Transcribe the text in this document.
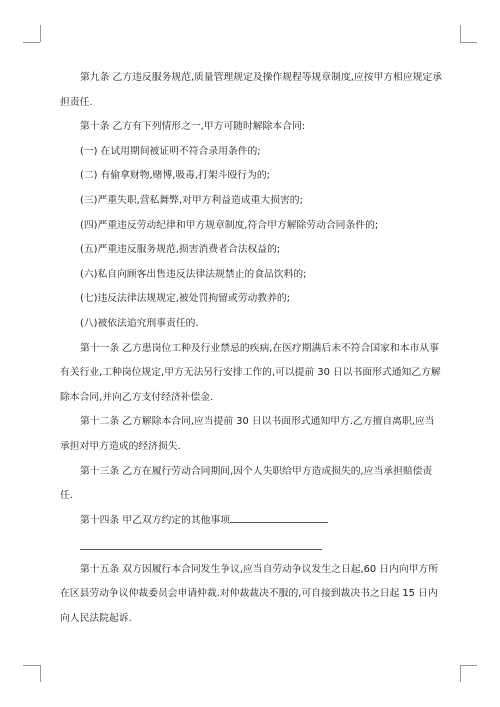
第九条 乙方违反服务规范,质量管理规定及操作规程等规章制度,应按甲方相应规定承担责任.

第十条 乙方有下列情形之一,甲方可随时解除本合同:

(一) 在试用期间被证明不符合录用条件的;

(二) 有偷拿财物,赌博,吸毒,打架斗殴行为的;

(三)严重失职,营私舞弊,对甲方利益造成重大损害的;

(四)严重违反劳动纪律和甲方规章制度,符合甲方解除劳动合同条件的;

(五)严重违反服务规范,损害消费者合法权益的;

(六)私自向顾客出售违反法律法规禁止的食品饮料的;

(七)违反法律法规规定,被处罚拘留或劳动教养的;

(八)被依法追究刑事责任的.

第十一条 乙方患岗位工种及行业禁忌的疾病,在医疗期满后未不符合国家和本市从事有关行业,工种岗位规定,甲方无法另行安排工作的,可以提前 30 日以书面形式通知乙方解除本合同,并向乙方支付经济补偿金.

第十二条 乙方解除本合同,应当提前 30 日以书面形式通知甲方.乙方擅自离职,应当承担对甲方造成的经济损失.

第十三条 乙方在履行劳动合同期间,因个人失职给甲方造成损失的,应当承担赔偿责任.

第十四条 甲乙双方约定的其他事项

第十五条 双方因履行本合同发生争议,应当自劳动争议发生之日起,60 日内向甲方所在区县劳动争议仲裁委员会申请仲裁.对仲裁裁决不服的,可自接到裁决书之日起 15 日内向人民法院起诉.
